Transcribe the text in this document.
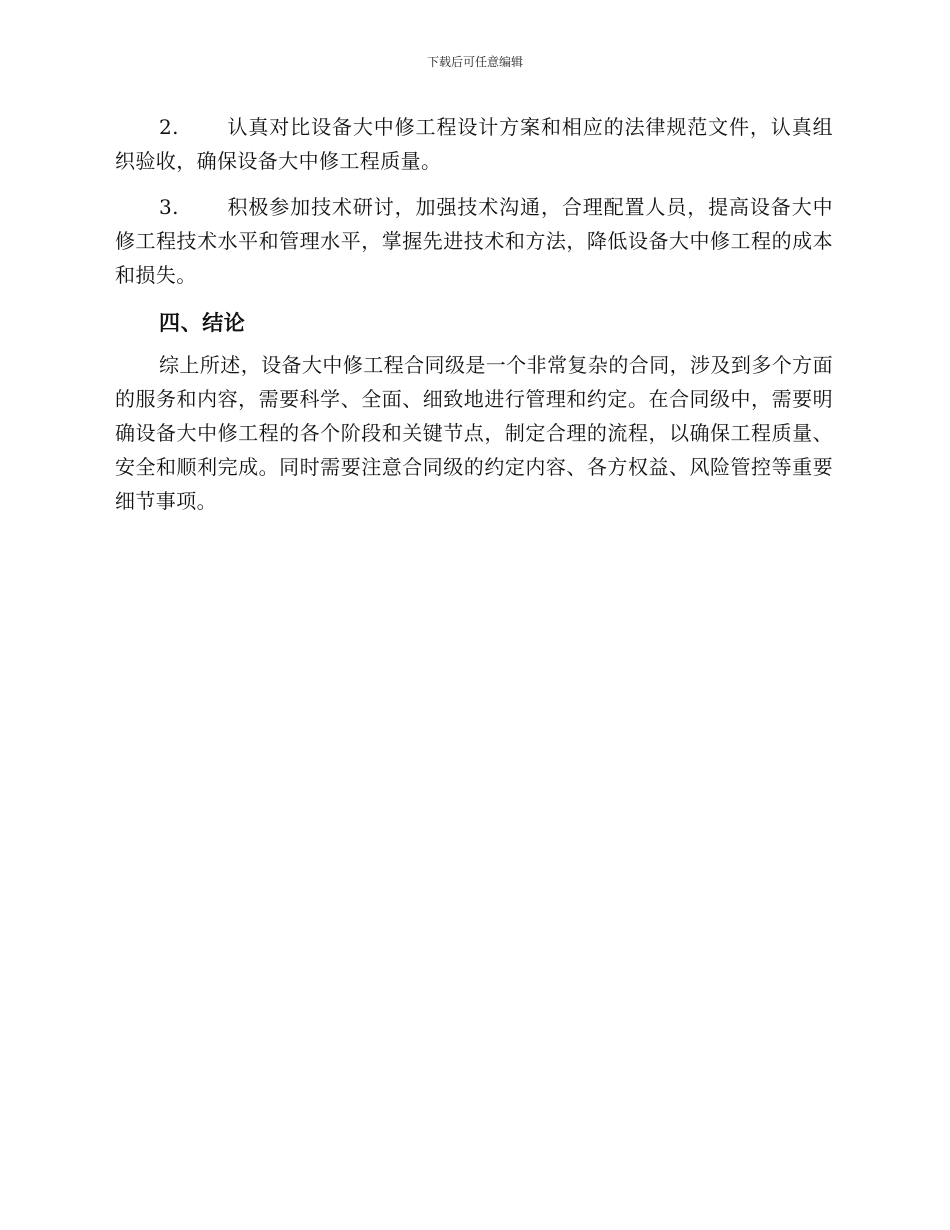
下载后可任意编辑

2. 认真对比设备大中修工程设计方案和相应的法律规范文件，认真组织验收，确保设备大中修工程质量。

3. 积极参加技术研讨，加强技术沟通，合理配置人员，提高设备大中修工程技术水平和管理水平，掌握先进技术和方法，降低设备大中修工程的成本和损失。

四、结论

综上所述，设备大中修工程合同级是一个非常复杂的合同，涉及到多个方面的服务和内容，需要科学、全面、细致地进行管理和约定。在合同级中，需要明确设备大中修工程的各个阶段和关键节点，制定合理的流程，以确保工程质量、安全和顺利完成。同时需要注意合同级的约定内容、各方权益、风险管控等重要细节事项。
